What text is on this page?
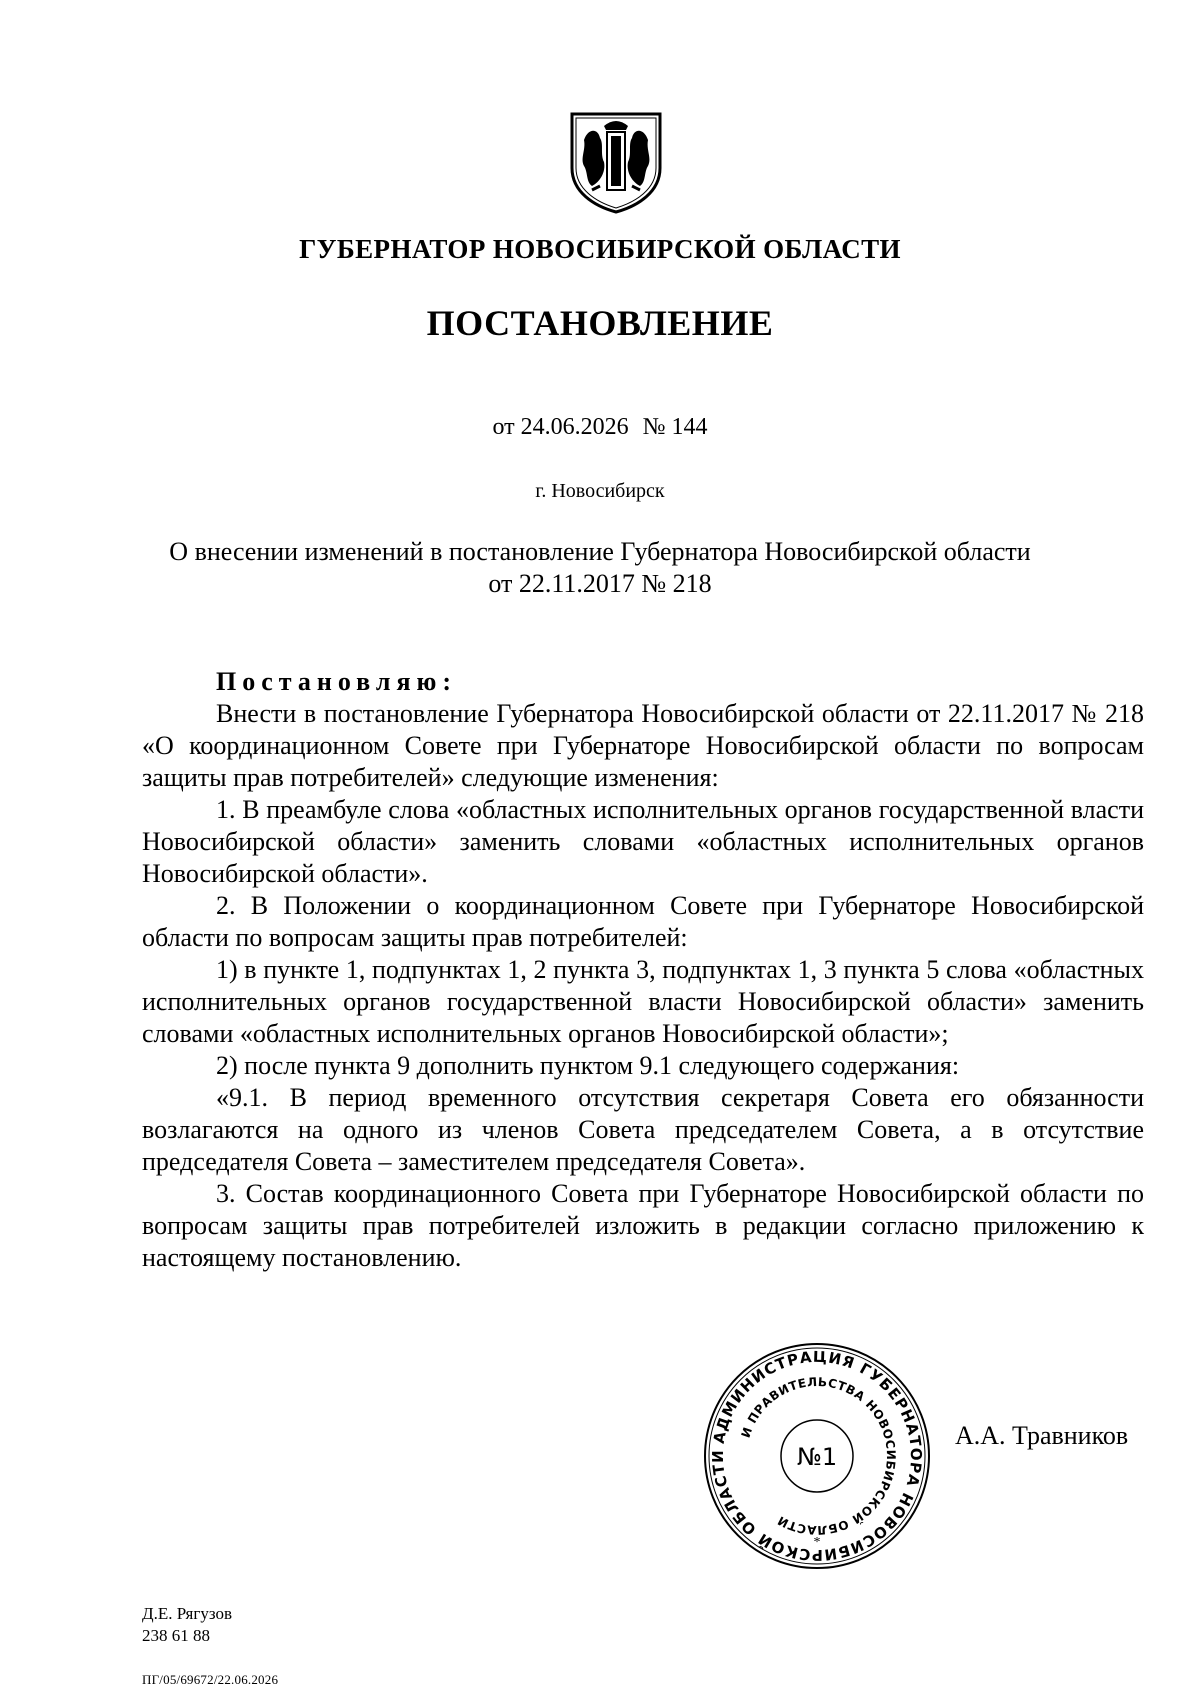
ГУБЕРНАТОР НОВОСИБИРСКОЙ ОБЛАСТИ
ПОСТАНОВЛЕНИЕ
от 24.06.2026 № 144
г. Новосибирск
О внесении изменений в постановление Губернатора Новосибирской области
от 22.11.2017 № 218
Постановляю:

Внести в постановление Губернатора Новосибирской области от 22.11.2017 № 218 «О координационном Совете при Губернаторе Новосибирской области по вопросам защиты прав потребителей» следующие изменения:

1. В преамбуле слова «областных исполнительных органов государственной власти Новосибирской области» заменить словами «областных исполнительных органов Новосибирской области».

2. В Положении о координационном Совете при Губернаторе Новосибирской области по вопросам защиты прав потребителей:

1) в пункте 1, подпунктах 1, 2 пункта 3, подпунктах 1, 3 пункта 5 слова «областных исполнительных органов государственной власти Новосибирской области» заменить словами «областных исполнительных органов Новосибирской области»;

2) после пункта 9 дополнить пунктом 9.1 следующего содержания:

«9.1. В период временного отсутствия секретаря Совета его обязанности возлагаются на одного из членов Совета председателем Совета, а в отсутствие председателя Совета – заместителем председателя Совета».

3. Состав координационного Совета при Губернаторе Новосибирской области по вопросам защиты прав потребителей изложить в редакции согласно приложению к настоящему постановлению.

АДМИНИСТРАЦИЯ ГУБЕРНАТОРА НОВОСИБИРСКОЙ ОБЛАСТИ
И ПРАВИТЕЛЬСТВА НОВОСИБИРСКОЙ ОБЛАСТИ
№1
*
А.А. Травников
Д.Е. Рягузов
238 61 88
ПГ/05/69672/22.06.2026
